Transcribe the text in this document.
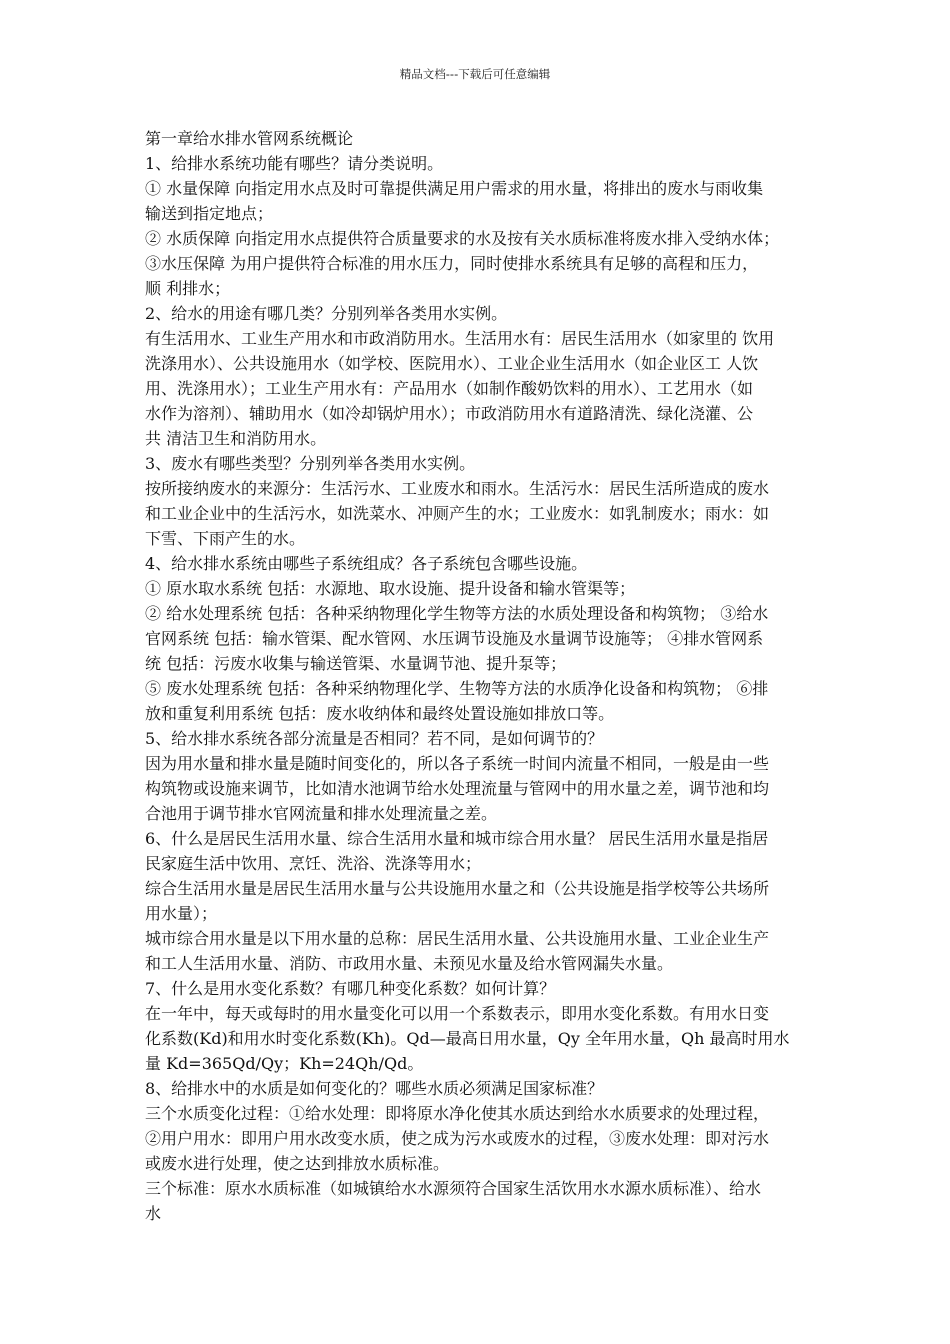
精品文档---下载后可任意编辑
第一章给水排水管网系统概论
1、给排水系统功能有哪些？请分类说明。
① 水量保障 向指定用水点及时可靠提供满足用户需求的用水量，将排出的废水与雨收集
输送到指定地点；
② 水质保障 向指定用水点提供符合质量要求的水及按有关水质标准将废水排入受纳水体；
③水压保障 为用户提供符合标准的用水压力，同时使排水系统具有足够的高程和压力，
顺 利排水；
2、给水的用途有哪几类？分别列举各类用水实例。
有生活用水、工业生产用水和市政消防用水。生活用水有：居民生活用水（如家里的 饮用
洗涤用水）、公共设施用水（如学校、医院用水）、工业企业生活用水（如企业区工 人饮
用、洗涤用水）；工业生产用水有：产品用水（如制作酸奶饮料的用水）、工艺用水（如
水作为溶剂）、辅助用水（如冷却锅炉用水）；市政消防用水有道路清洗、绿化浇灌、公
共 清洁卫生和消防用水。
3、废水有哪些类型？分别列举各类用水实例。
按所接纳废水的来源分：生活污水、工业废水和雨水。生活污水：居民生活所造成的废水
和工业企业中的生活污水，如洗菜水、冲厕产生的水；工业废水：如乳制废水；雨水：如
下雪、下雨产生的水。
4、给水排水系统由哪些子系统组成？各子系统包含哪些设施。
① 原水取水系统 包括：水源地、取水设施、提升设备和输水管渠等；
② 给水处理系统 包括：各种采纳物理化学生物等方法的水质处理设备和构筑物； ③给水
官网系统 包括：输水管渠、配水管网、水压调节设施及水量调节设施等； ④排水管网系
统 包括：污废水收集与输送管渠、水量调节池、提升泵等；
⑤ 废水处理系统 包括：各种采纳物理化学、生物等方法的水质净化设备和构筑物； ⑥排
放和重复利用系统 包括：废水收纳体和最终处置设施如排放口等。
5、给水排水系统各部分流量是否相同？若不同，是如何调节的？
因为用水量和排水量是随时间变化的，所以各子系统一时间内流量不相同，一般是由一些
构筑物或设施来调节，比如清水池调节给水处理流量与管网中的用水量之差，调节池和均
合池用于调节排水官网流量和排水处理流量之差。
6、什么是居民生活用水量、综合生活用水量和城市综合用水量？ 居民生活用水量是指居
民家庭生活中饮用、烹饪、洗浴、洗涤等用水；
综合生活用水量是居民生活用水量与公共设施用水量之和（公共设施是指学校等公共场所
用水量）；
城市综合用水量是以下用水量的总称：居民生活用水量、公共设施用水量、工业企业生产
和工人生活用水量、消防、市政用水量、未预见水量及给水管网漏失水量。
7、什么是用水变化系数？有哪几种变化系数？如何计算？
在一年中，每天或每时的用水量变化可以用一个系数表示，即用水变化系数。有用水日变
化系数(Kd)和用水时变化系数(Kh)。Qd—最高日用水量，Qy 全年用水量，Qh 最高时用水
量 Kd=365Qd/Qy；Kh=24Qh/Qd。
8、给排水中的水质是如何变化的？哪些水质必须满足国家标准？
三个水质变化过程：①给水处理：即将原水净化使其水质达到给水水质要求的处理过程，
②用户用水：即用户用水改变水质，使之成为污水或废水的过程，③废水处理：即对污水
或废水进行处理，使之达到排放水质标准。
三个标准：原水水质标准（如城镇给水水源须符合国家生活饮用水水源水质标准）、给水
水
